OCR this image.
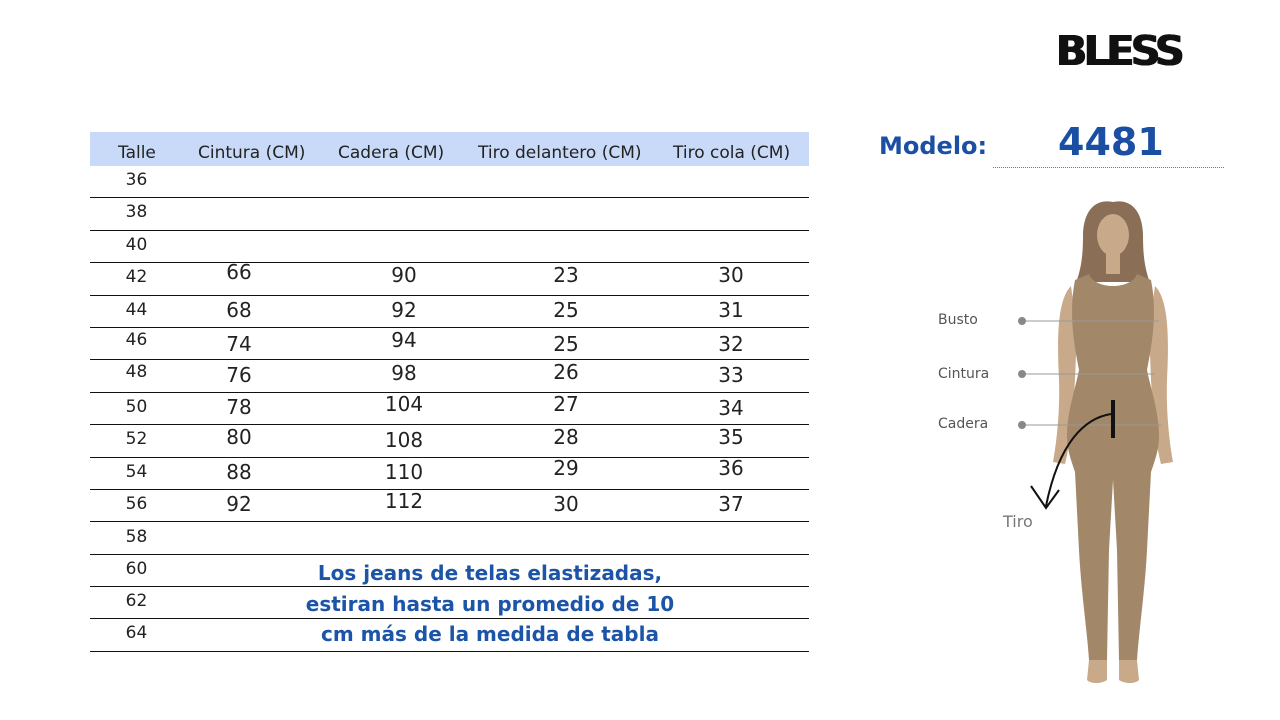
BLESS
Talle Cintura (CM) Cadera (CM) Tiro delantero (CM) Tiro cola (CM)
36
38
40
42	66	90	23	30
44	68	92	25	31
46	74	94	25	32
48	76	98	26	33
50	78	104	27	34
52	80	108	28	35
54	88	110	29	36
56	92	112	30	37
58
60	Los jeans de telas elastizadas,
62	estiran hasta un promedio de 10
64	cm más de la medida de tabla
Modelo: 4481
Busto
Cintura
Cadera
Tiro
